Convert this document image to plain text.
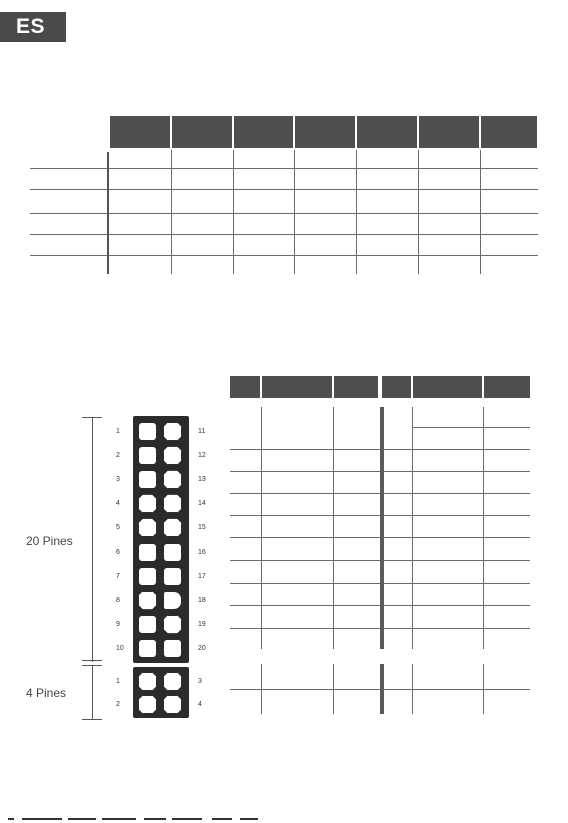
ES
20 Pines
4 Pines
1	11
2	12
3	13
4	14
5	15
6	16
7	17
8	18
9	19
10	20
1	3
2	4
